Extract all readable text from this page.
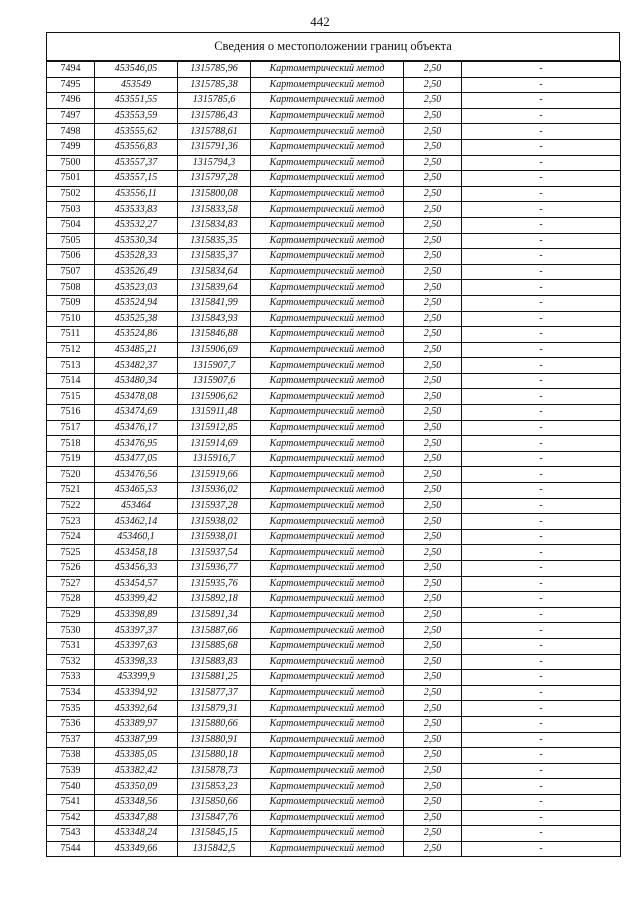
442
Сведения о местоположении границ объекта
7494	453546,05	1315785,96	Картометрический метод	2,50	-
7495	453549	1315785,38	Картометрический метод	2,50	-
7496	453551,55	1315785,6	Картометрический метод	2,50	-
7497	453553,59	1315786,43	Картометрический метод	2,50	-
7498	453555,62	1315788,61	Картометрический метод	2,50	-
7499	453556,83	1315791,36	Картометрический метод	2,50	-
7500	453557,37	1315794,3	Картометрический метод	2,50	-
7501	453557,15	1315797,28	Картометрический метод	2,50	-
7502	453556,11	1315800,08	Картометрический метод	2,50	-
7503	453533,83	1315833,58	Картометрический метод	2,50	-
7504	453532,27	1315834,83	Картометрический метод	2,50	-
7505	453530,34	1315835,35	Картометрический метод	2,50	-
7506	453528,33	1315835,37	Картометрический метод	2,50	-
7507	453526,49	1315834,64	Картометрический метод	2,50	-
7508	453523,03	1315839,64	Картометрический метод	2,50	-
7509	453524,94	1315841,99	Картометрический метод	2,50	-
7510	453525,38	1315843,93	Картометрический метод	2,50	-
7511	453524,86	1315846,88	Картометрический метод	2,50	-
7512	453485,21	1315906,69	Картометрический метод	2,50	-
7513	453482,37	1315907,7	Картометрический метод	2,50	-
7514	453480,34	1315907,6	Картометрический метод	2,50	-
7515	453478,08	1315906,62	Картометрический метод	2,50	-
7516	453474,69	1315911,48	Картометрический метод	2,50	-
7517	453476,17	1315912,85	Картометрический метод	2,50	-
7518	453476,95	1315914,69	Картометрический метод	2,50	-
7519	453477,05	1315916,7	Картометрический метод	2,50	-
7520	453476,56	1315919,66	Картометрический метод	2,50	-
7521	453465,53	1315936,02	Картометрический метод	2,50	-
7522	453464	1315937,28	Картометрический метод	2,50	-
7523	453462,14	1315938,02	Картометрический метод	2,50	-
7524	453460,1	1315938,01	Картометрический метод	2,50	-
7525	453458,18	1315937,54	Картометрический метод	2,50	-
7526	453456,33	1315936,77	Картометрический метод	2,50	-
7527	453454,57	1315935,76	Картометрический метод	2,50	-
7528	453399,42	1315892,18	Картометрический метод	2,50	-
7529	453398,89	1315891,34	Картометрический метод	2,50	-
7530	453397,37	1315887,66	Картометрический метод	2,50	-
7531	453397,63	1315885,68	Картометрический метод	2,50	-
7532	453398,33	1315883,83	Картометрический метод	2,50	-
7533	453399,9	1315881,25	Картометрический метод	2,50	-
7534	453394,92	1315877,37	Картометрический метод	2,50	-
7535	453392,64	1315879,31	Картометрический метод	2,50	-
7536	453389,97	1315880,66	Картометрический метод	2,50	-
7537	453387,99	1315880,91	Картометрический метод	2,50	-
7538	453385,05	1315880,18	Картометрический метод	2,50	-
7539	453382,42	1315878,73	Картометрический метод	2,50	-
7540	453350,09	1315853,23	Картометрический метод	2,50	-
7541	453348,56	1315850,66	Картометрический метод	2,50	-
7542	453347,88	1315847,76	Картометрический метод	2,50	-
7543	453348,24	1315845,15	Картометрический метод	2,50	-
7544	453349,66	1315842,5	Картометрический метод	2,50	-
